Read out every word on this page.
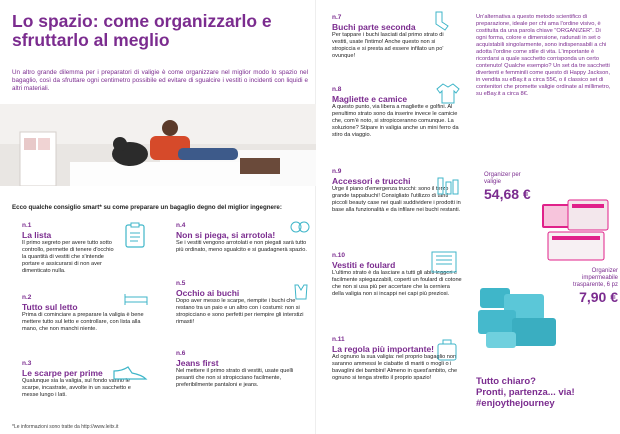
Lo spazio: come organizzarlo e sfruttarlo al meglio
Un altro grande dilemma per i preparatori di valigie è come organizzare nel miglior modo lo spazio nel bagaglio, così da sfruttare ogni centimetro possibile ed evitare di sgualcire i vestiti o incidenti con liquidi e altri materiali.
Ecco qualche consiglio smart* su come preparare un bagaglio degno del miglior ingegnere:
n.1
La lista
Il primo segreto per avere tutto sotto controllo, permette di tenere d'occhio la quantità di vestiti che s'intende portare e assicurarsi di non aver dimenticato nulla.
n.2
Tutto sul letto
Prima di cominciare a preparare la valigia è bene mettere tutto sul letto e controllare, con lista alla mano, che non manchi niente.
n.3
Le scarpe per prime
Qualunque sia la valigia, sul fondo vanno le scarpe, incastrate, avvolte in un sacchetto e messe lungo i lati.
n.4
Non si piega, si arrotola!
Se i vestiti vengono arrotolati e non piegati sarà tutto più ordinato, meno sgualcito e si guadagnerà spazio.
n.5
Occhio ai buchi
Dopo aver messo le scarpe, riempite i buchi che restano tra un paio e un altro con i costumi: non si stropicciano e sono perfetti per riempire gli interstizi rimasti!
n.6
Jeans first
Nel mettere il primo strato di vestiti, usate quelli pesanti che non si stropicciano facilmente, preferibilmente pantaloni e jeans.
n.7
Buchi parte seconda
Per tappare i buchi lasciati dal primo strato di vestiti, usate l'intimo! Anche questo non si stropiccia e si presta ad essere infilato un po' ovunque!
n.8
Magliette e camice
A questo punto, via libera a magliette e golfini. Al penultimo strato sono da inserire invece le camicie che, com'è noto, si stropicceranno comunque. La soluzione? Stipare in valigia anche un mini ferro da stiro da viaggio.
n.9
Accessori e trucchi
Urge il piano d'emergenza trucchi: sono il terzo grande tappabuchi! Consigliato l'utilizzo di tanti piccoli beauty case nei quali suddividere i prodotti in base alla funzionalità e da infilare nei buchi restanti.
n.10
Vestiti e foulard
L'ultimo strato è da lasciare a tutti gli abiti leggeri e facilmente spiegazzabili, coperti un foulard di cotone che non si usa più per accertare che la cerniera della valigia non si incappi nei capi più preziosi.
n.11
La regola più importante!
Ad ognuno la sua valigia: nel proprio bagaglio non saranno ammessi le ciabatte di mariti o mogli o i bavaglini dei bambini! Almeno in quest'ambito, che ognuno si tenga stretto il proprio spazio!
Un'alternativa a questo metodo scientifico di preparazione, ideale per chi ama l'ordine visivo, è costituita da una parola chiave "ORGANIZER". Di ogni forma, colore e dimensione, radunati in set o acquistabili singolarmente, sono indispensabili a chi adotta l'ordine come stile di vita. L'importante è ricordarsi a quale sacchetto corrisponda un certo contenuto! Qualche esempio? Un set da tre sacchetti divertenti e femminili come questo di Happy Jackson, in vendita su eBay.it a circa 55€, o il classico set di contenitori che promette valigie ordinate al millimetro, su eBay.it a circa 8€.
Organizer per valigie
54,68 €
Organizer impermeabile trasparente, 6 pz
7,90 €
Tutto chiaro?
Pronti, partenza... via!
#enjoythejourney
*Le informazioni sono tratte da http://www.leitx.it
